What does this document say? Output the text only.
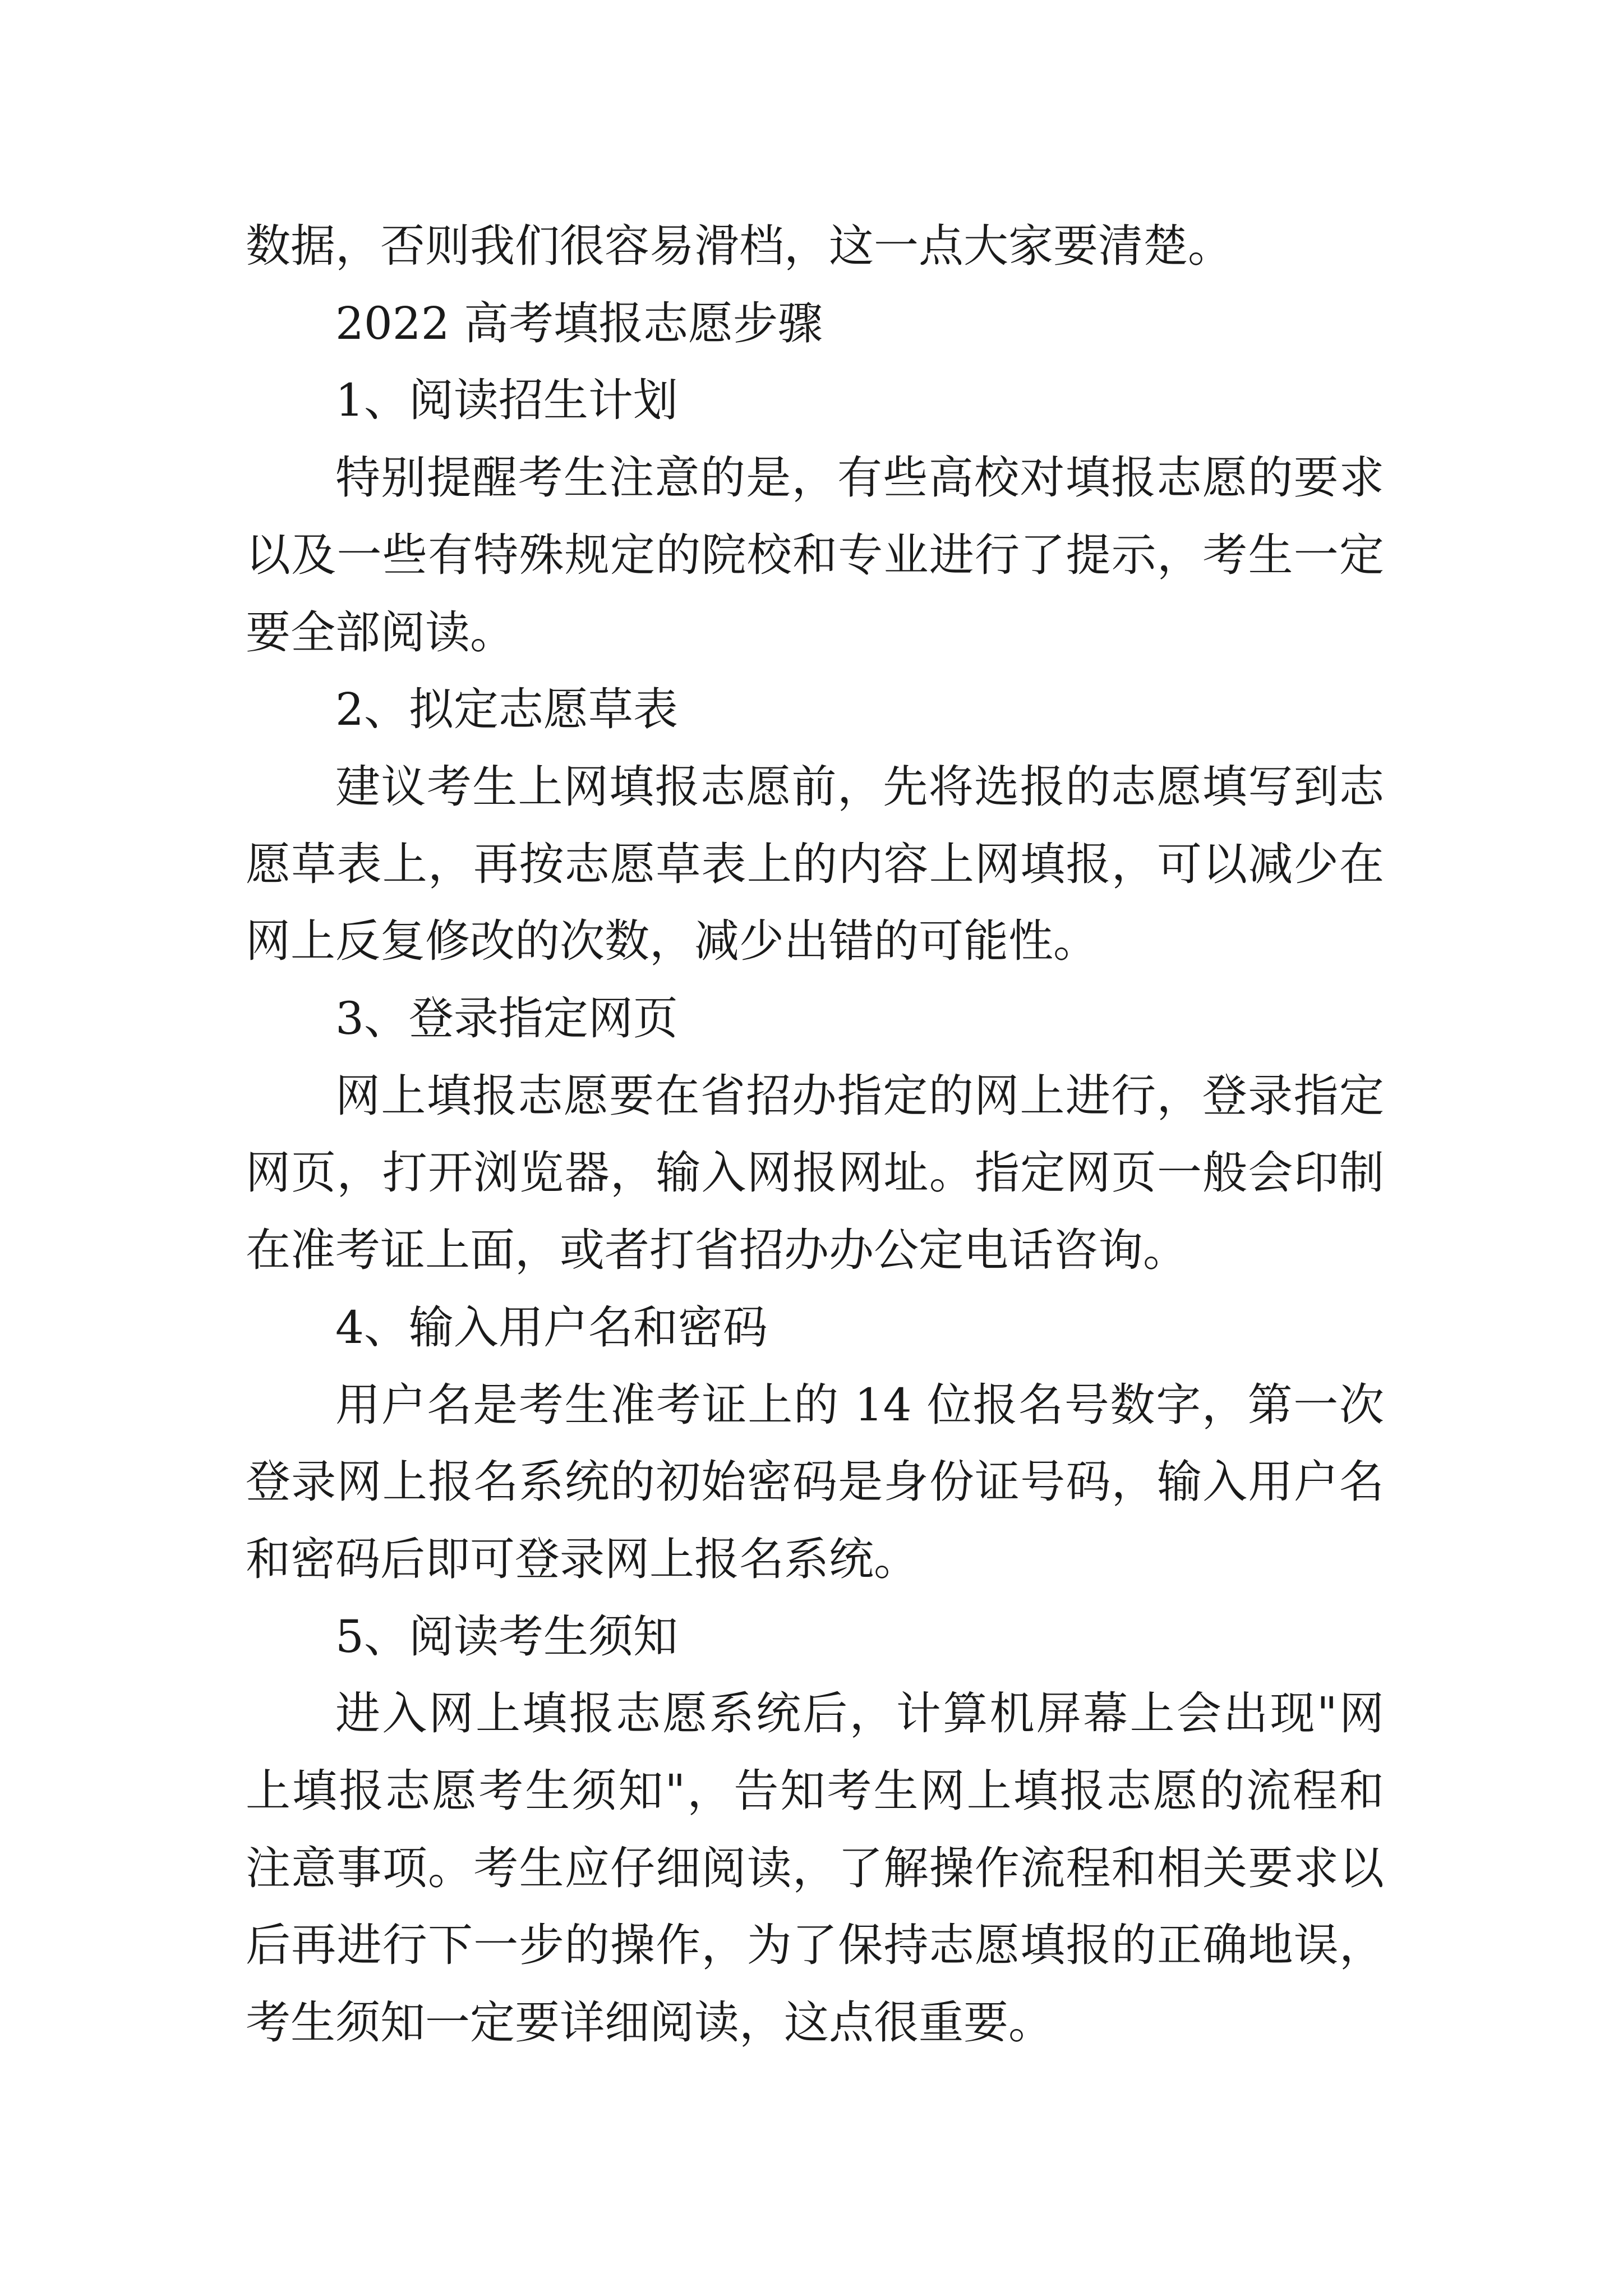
数据，否则我们很容易滑档，这一点大家要清楚。

2022 高考填报志愿步骤

1、阅读招生计划

特别提醒考生注意的是，有些高校对填报志愿的要求以及一些有特殊规定的院校和专业进行了提示，考生一定要全部阅读。

2、拟定志愿草表

建议考生上网填报志愿前，先将选报的志愿填写到志愿草表上，再按志愿草表上的内容上网填报，可以减少在网上反复修改的次数，减少出错的可能性。

3、登录指定网页

网上填报志愿要在省招办指定的网上进行，登录指定网页，打开浏览器，输入网报网址。指定网页一般会印制在准考证上面，或者打省招办办公定电话咨询。

4、输入用户名和密码

用户名是考生准考证上的 14 位报名号数字，第一次登录网上报名系统的初始密码是身份证号码，输入用户名和密码后即可登录网上报名系统。

5、阅读考生须知

进入网上填报志愿系统后，计算机屏幕上会出现"网上填报志愿考生须知"，告知考生网上填报志愿的流程和注意事项。考生应仔细阅读，了解操作流程和相关要求以后再进行下一步的操作，为了保持志愿填报的正确地误，考生须知一定要详细阅读，这点很重要。
